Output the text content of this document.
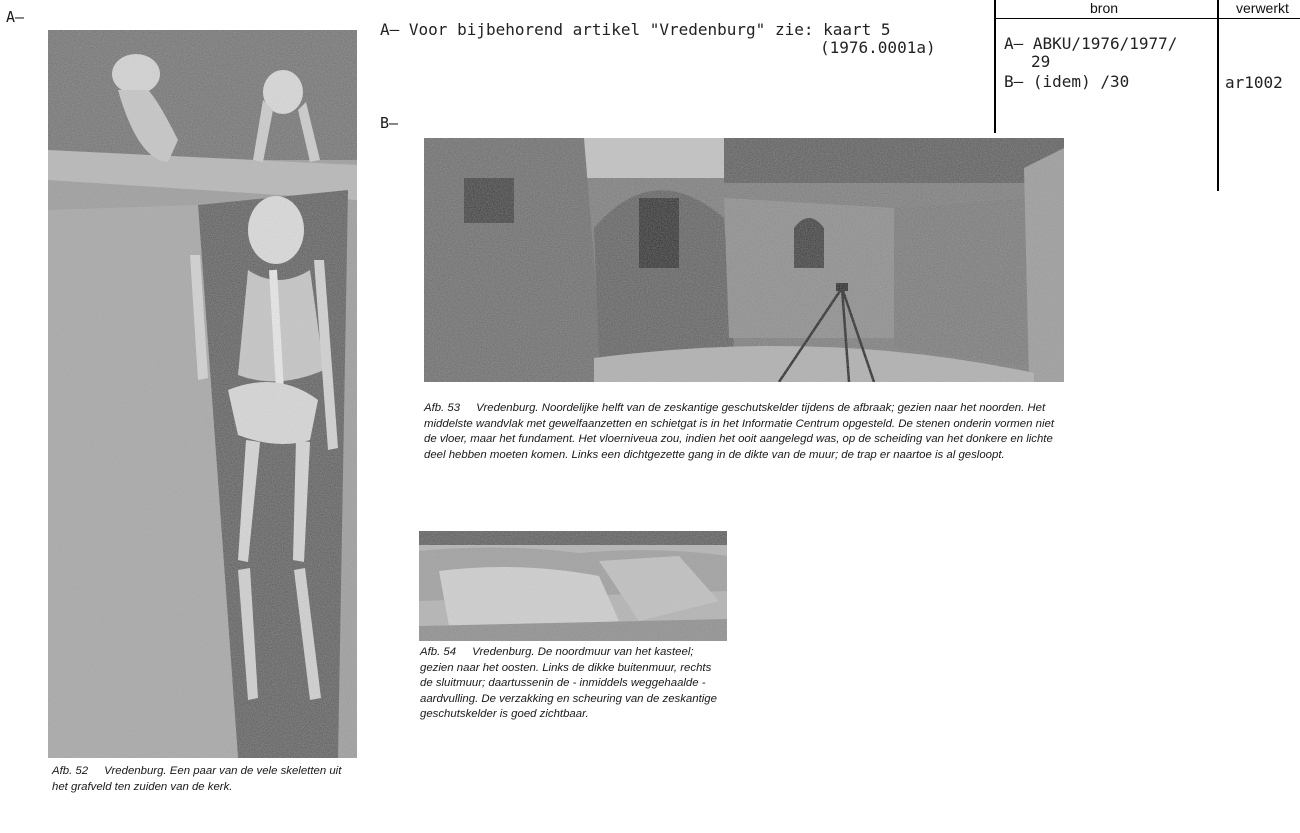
A–
B–
A– Voor bijbehorend artikel "Vredenburg" zie: kaart 5
(1976.0001a)
bron	verwerkt
A– ABKU/1976/1977/
29
B– (idem) /30	ar1002
Afb. 52 Vredenburg. Een paar van de vele skeletten uit het grafveld ten zuiden van de kerk.
Afb. 53 Vredenburg. Noordelijke helft van de zeskantige geschutskelder tijdens de afbraak; gezien naar het noorden. Het middelste wandvlak met gewelfaanzetten en schietgat is in het Informatie Centrum opgesteld. De stenen onderin vormen niet de vloer, maar het fundament. Het vloerniveua zou, indien het ooit aangelegd was, op de scheiding van het donkere en lichte deel hebben moeten komen. Links een dichtgezette gang in de dikte van de muur; de trap er naartoe is al gesloopt.
Afb. 54 Vredenburg. De noordmuur van het kasteel; gezien naar het oosten. Links de dikke buitenmuur, rechts de sluitmuur; daartussenin de - inmiddels weggehaalde - aardvulling. De verzakking en scheuring van de zeskantige geschutskelder is goed zichtbaar.
